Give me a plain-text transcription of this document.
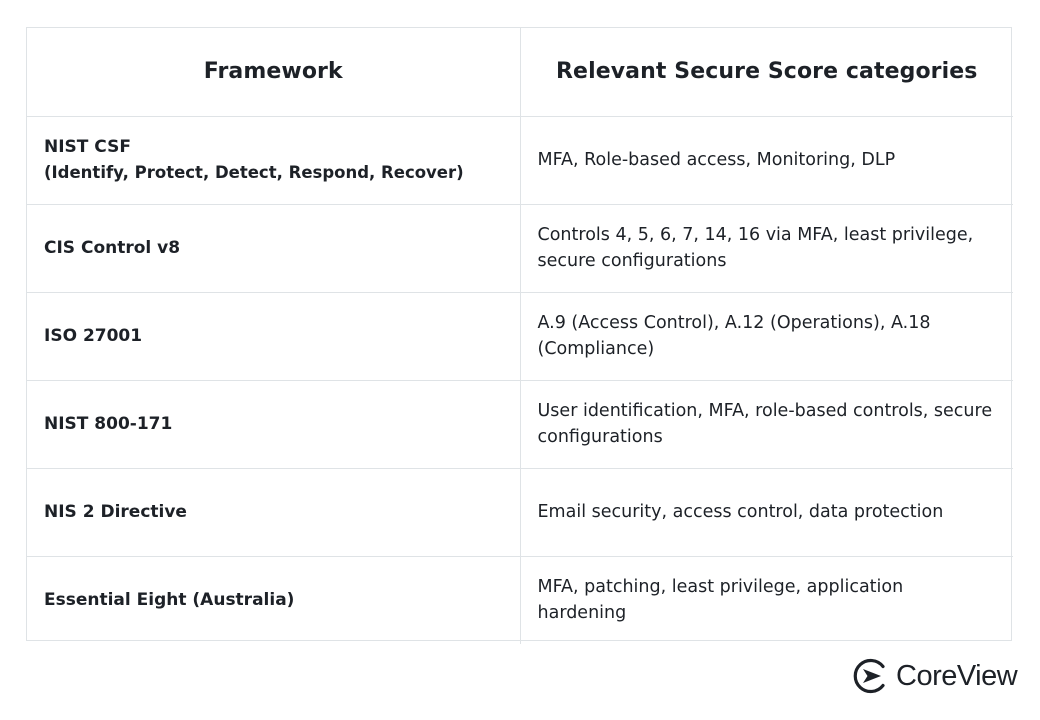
Framework	Relevant Secure Score categories
NIST CSF
(Identify, Protect, Detect, Respond, Recover)	MFA, Role-based access, Monitoring, DLP
CIS Control v8	Controls 4, 5, 6, 7, 14, 16 via MFA, least privilege, secure configurations
ISO 27001	A.9 (Access Control), A.12 (Operations), A.18 (Compliance)
NIST 800-171	User identification, MFA, role-based controls, secure configurations
NIS 2 Directive	Email security, access control, data protection
Essential Eight (Australia)	MFA, patching, least privilege, application hardening
CoreView
